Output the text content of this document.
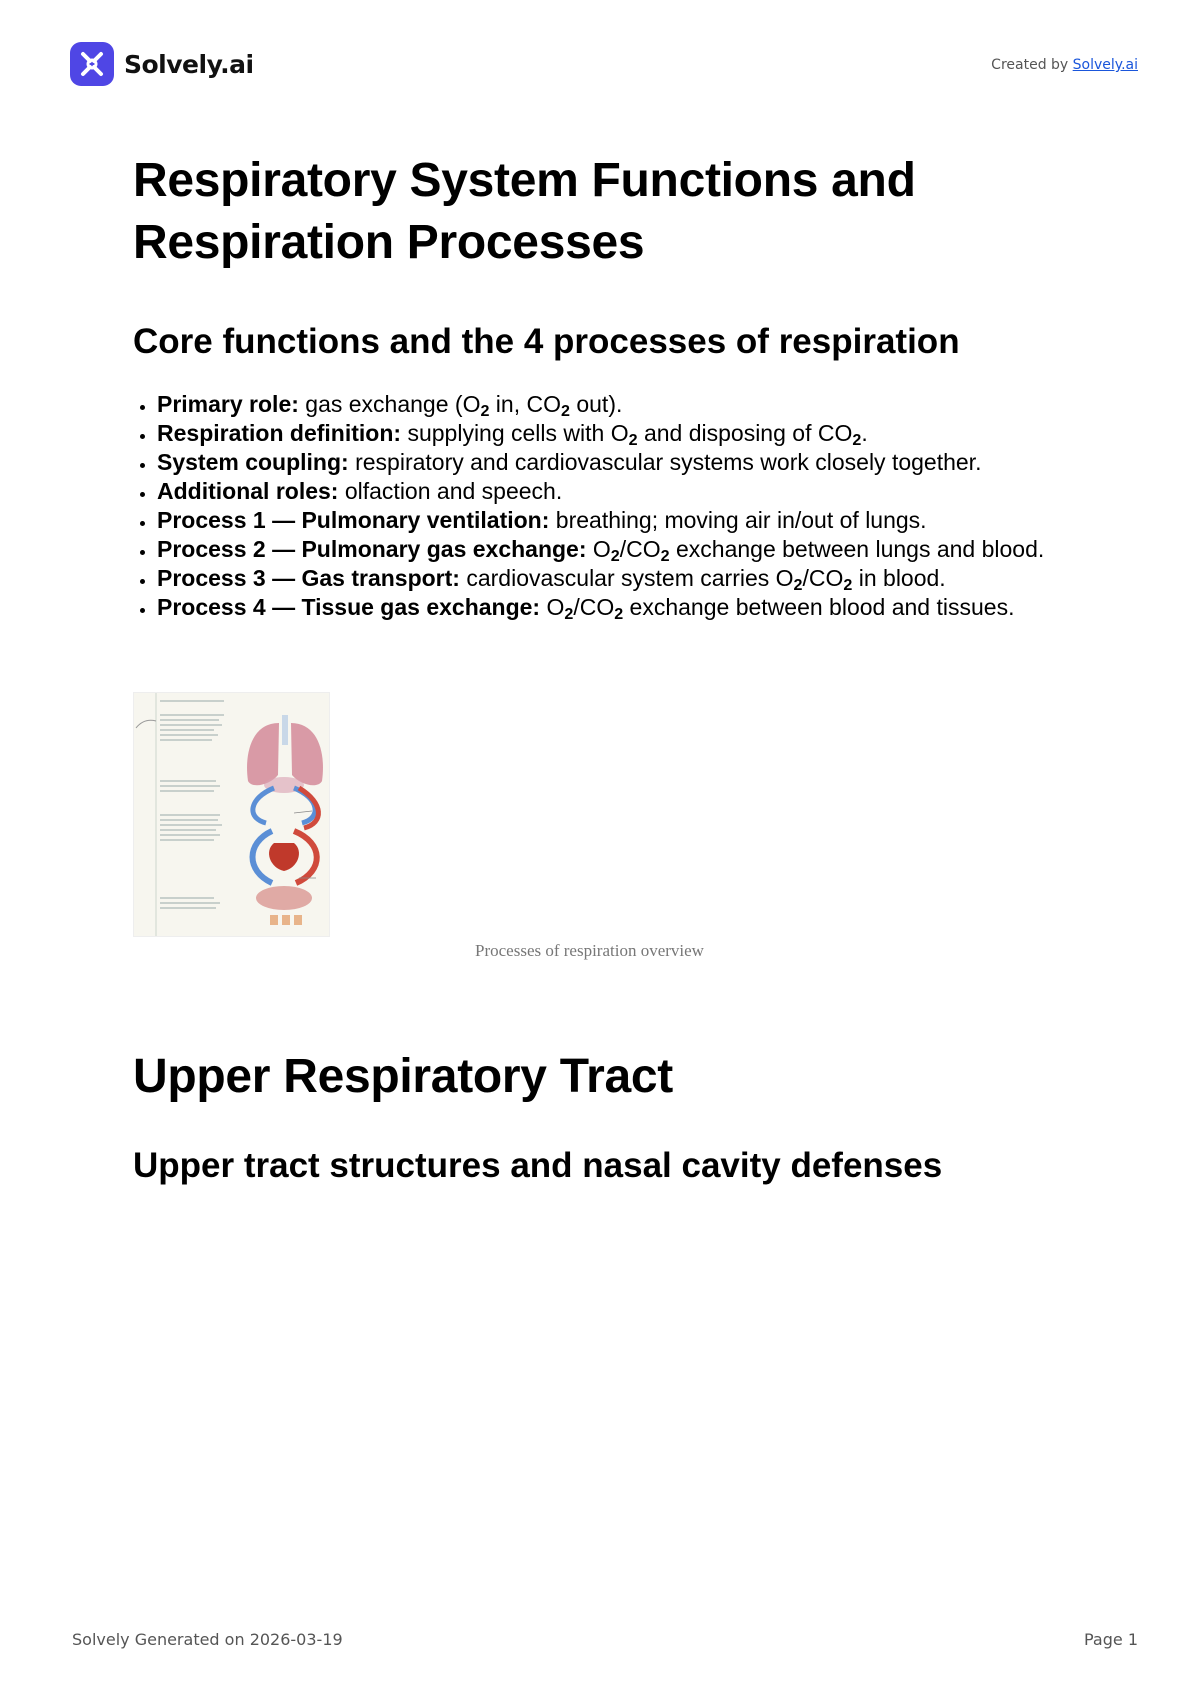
Solvely.ai	Created by Solvely.ai
Respiratory System Functions and Respiration Processes
Core functions and the 4 processes of respiration
• Primary role: gas exchange ($O_2$ in, $CO_2$ out).
• Respiration definition: supplying cells with $O_2$ and disposing of $CO_2$.
• System coupling: respiratory and cardiovascular systems work closely together.
• Additional roles: olfaction and speech.
• Process 1 — Pulmonary ventilation: breathing; moving air in/out of lungs.
• Process 2 — Pulmonary gas exchange: $O_2/CO_2$ exchange between lungs and blood.
• Process 3 — Gas transport: cardiovascular system carries $O_2/CO_2$ in blood.
• Process 4 — Tissue gas exchange: $O_2/CO_2$ exchange between blood and tissues.
Processes of respiration overview
Upper Respiratory Tract
Upper tract structures and nasal cavity defenses
Solvely Generated on 2026-03-19	Page 1
